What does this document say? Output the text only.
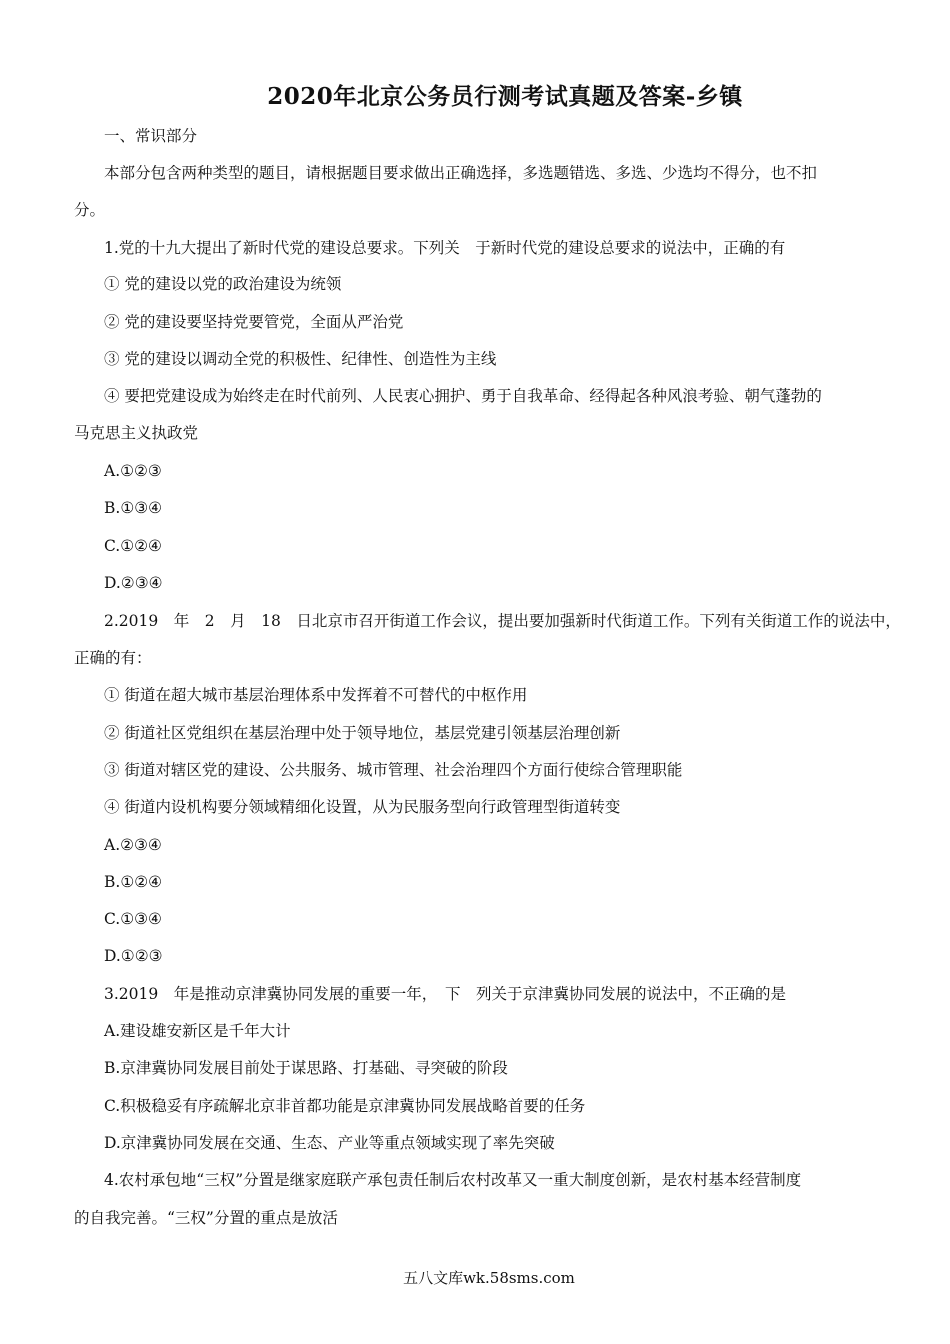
2020年北京公务员行测考试真题及答案-乡镇
一、常识部分
本部分包含两种类型的题目，请根据题目要求做出正确选择，多选题错选、多选、少选均不得分，也不扣
分。
1.党的十九大提出了新时代党的建设总要求。下列关　于新时代党的建设总要求的说法中，正确的有
① 党的建设以党的政治建设为统领
② 党的建设要坚持党要管党，全面从严治党
③ 党的建设以调动全党的积极性、纪律性、创造性为主线
④ 要把党建设成为始终走在时代前列、人民衷心拥护、勇于自我革命、经得起各种风浪考验、朝气蓬勃的
马克思主义执政党
A.①②③
B.①③④
C.①②④
D.②③④
2.2019　年　2　月　18　日北京市召开街道工作会议，提出要加强新时代街道工作。下列有关街道工作的说法中，
正确的有：
① 街道在超大城市基层治理体系中发挥着不可替代的中枢作用
② 街道社区党组织在基层治理中处于领导地位，基层党建引领基层治理创新
③ 街道对辖区党的建设、公共服务、城市管理、社会治理四个方面行使综合管理职能
④ 街道内设机构要分领域精细化设置，从为民服务型向行政管理型街道转变
A.②③④
B.①②④
C.①③④
D.①②③
3.2019　年是推动京津冀协同发展的重要一年，　下　列关于京津冀协同发展的说法中，不正确的是
A.建设雄安新区是千年大计
B.京津冀协同发展目前处于谋思路、打基础、寻突破的阶段
C.积极稳妥有序疏解北京非首都功能是京津冀协同发展战略首要的任务
D.京津冀协同发展在交通、生态、产业等重点领域实现了率先突破
4.农村承包地“三权”分置是继家庭联产承包责任制后农村改革又一重大制度创新，是农村基本经营制度
的自我完善。“三权”分置的重点是放活
五八文库wk.58sms.com
